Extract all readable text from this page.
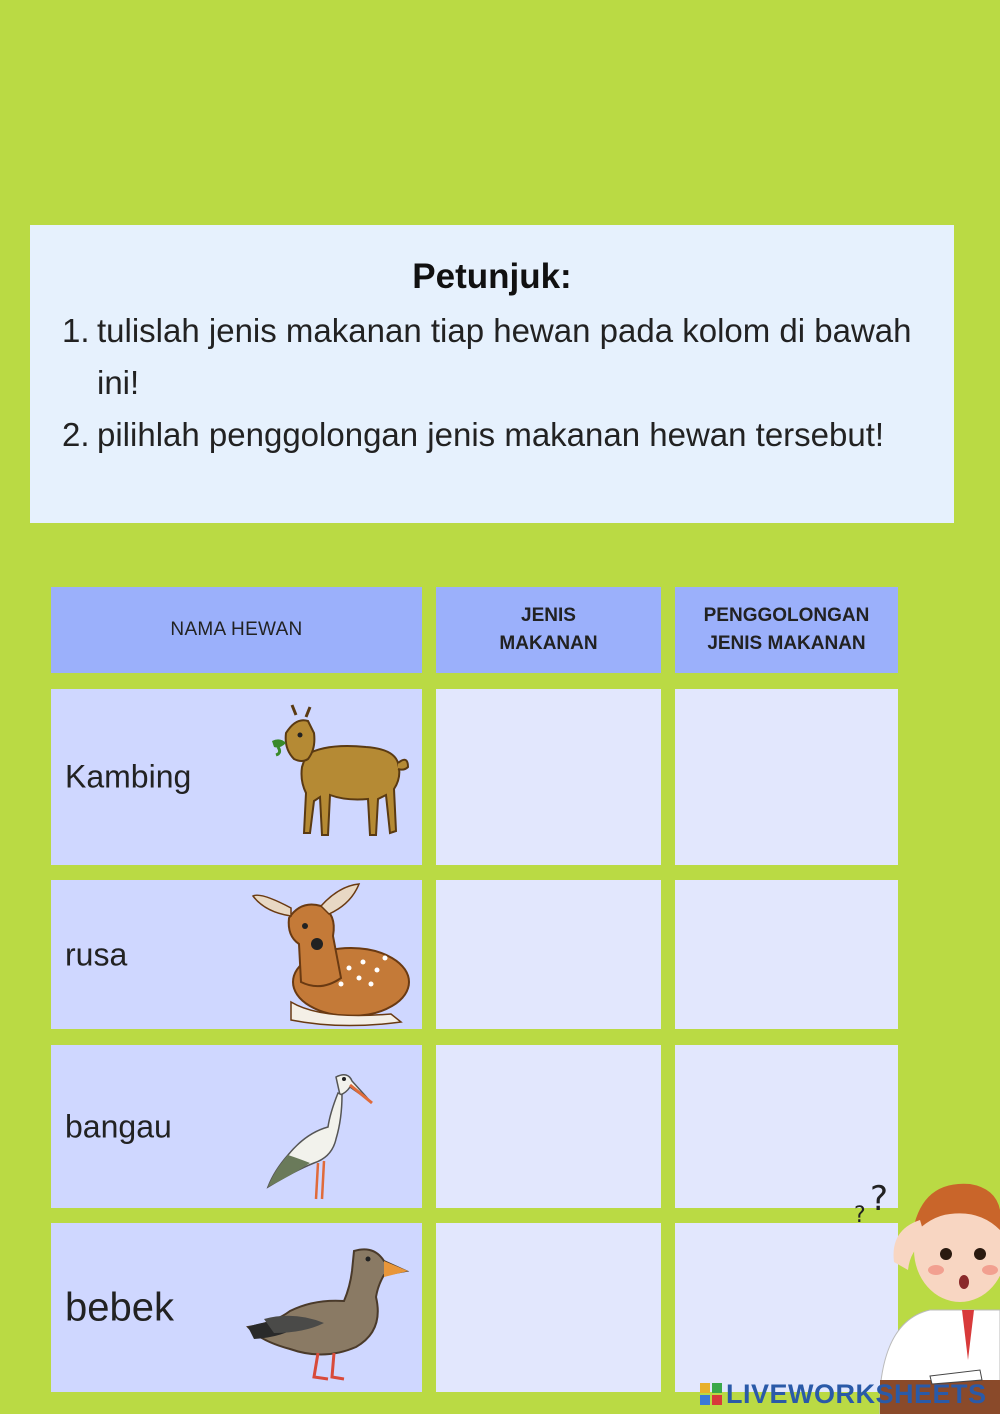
Petunjuk:
1. tulislah jenis makanan tiap hewan pada kolom di bawah ini!
2. pilihlah penggolongan jenis makanan hewan tersebut!
NAMA HEWAN
JENIS
MAKANAN
PENGGOLONGAN
JENIS MAKANAN
Kambing
rusa
bangau
bebek
? ?
LIVEWORKSHEETS
